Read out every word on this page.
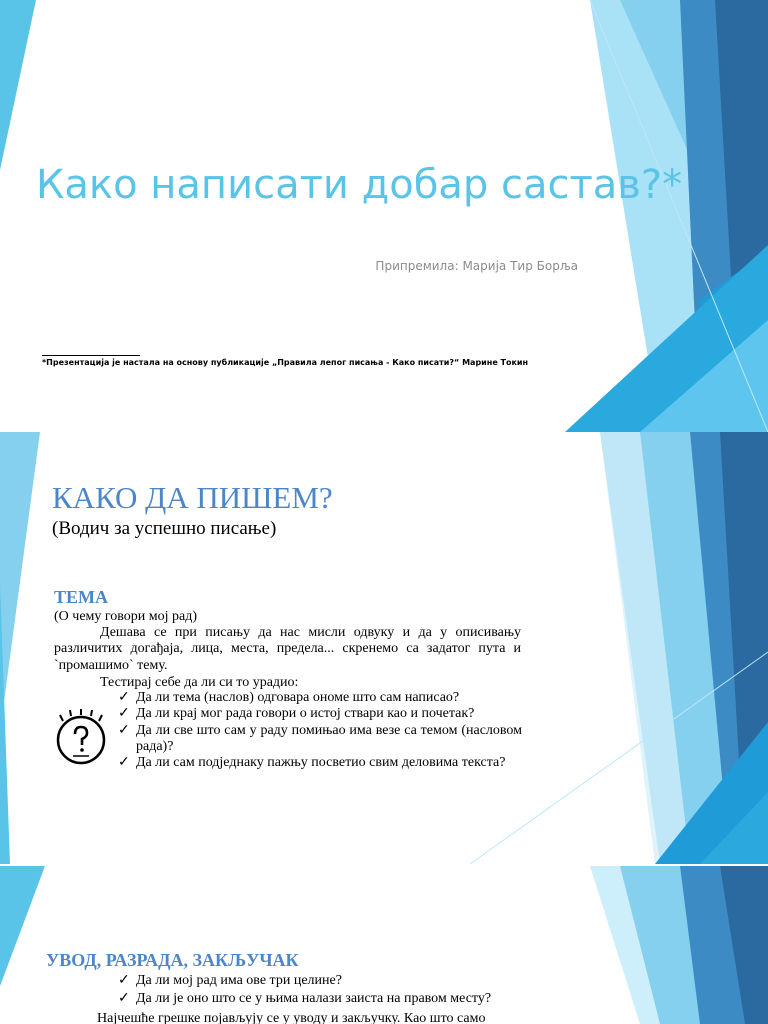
Како написати добар састав?*
Припремила: Марија Тир Борља
*Презентација је настала на основу публикације „Правила лепог писања - Како писати?“ Марине Токин
КАКО ДА ПИШЕМ?
(Водич за успешно писање)
ТЕМА
(О чему говори мој рад)
Дешава се при писању да нас мисли одвуку и да у описивању различитих догађаја, лица, места, предела... скренемо са задатог пута и `промашимо` тему.
Тестирај себе да ли си то урадио:
✓ Да ли тема (наслов) одговара ономе што сам написао?
✓ Да ли крај мог рада говори о истој ствари као и почетак?
✓ Да ли све што сам у раду помињао има везе са темом (насловом рада)?
✓ Да ли сам подједнаку пажњу посветио свим деловима текста?
УВОД, РАЗРАДА, ЗАКЉУЧАК
✓ Да ли мој рад има ове три целине?
✓ Да ли је оно што се у њима налази заиста на правом месту?
Најчешће грешке појављују се у уводу и закључку. Као што само
